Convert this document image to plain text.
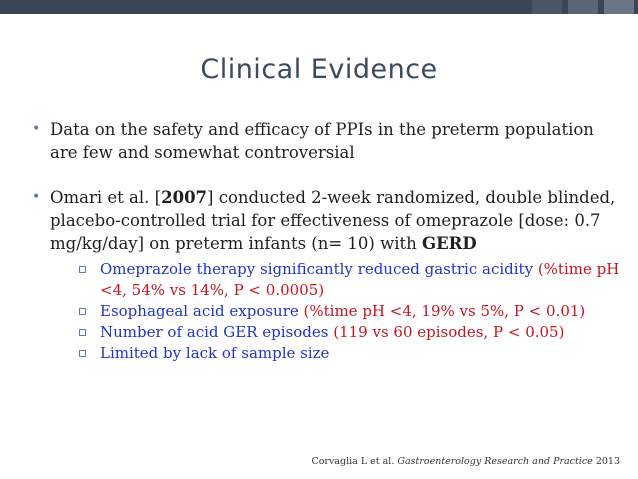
Clinical Evidence
• Data on the safety and efficacy of PPIs in the preterm population are few and somewhat controversial
• Omari et al. [2007] conducted 2-week randomized, double blinded, placebo-controlled trial for effectiveness of omeprazole [dose: 0.7 mg/kg/day] on preterm infants (n= 10) with GERD
Omeprazole therapy significantly reduced gastric acidity (%time pH <4, 54% vs 14%, P < 0.0005)
Esophageal acid exposure (%time pH <4, 19% vs 5%, P < 0.01)
Number of acid GER episodes (119 vs 60 episodes, P < 0.05)
Limited by lack of sample size
Corvaglia L et al. Gastroenterology Research and Practice 2013
